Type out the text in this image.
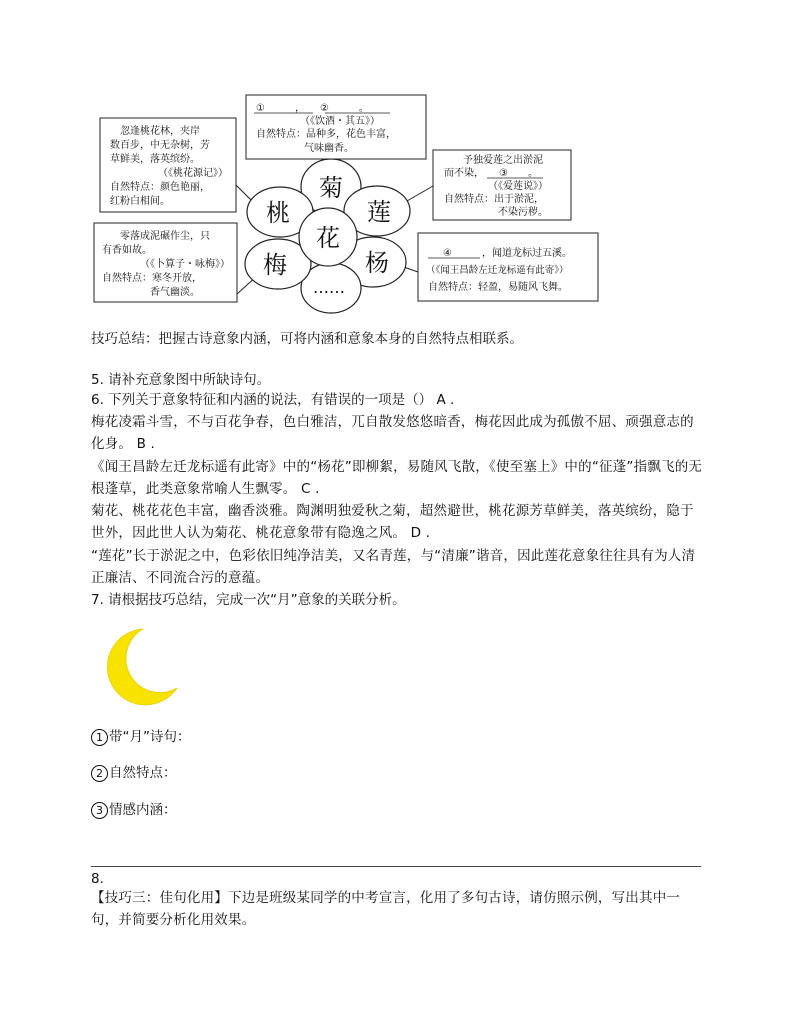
菊
莲
杨
……
梅
桃
花
①　　　，　　②　　　。
（《饮酒・其五》）
自然特点：品种多，花色丰富，
气味幽香。
忽逢桃花林，夹岸
数百步，中无杂树，芳
草鲜美，落英缤纷。
（《桃花源记》）
自然特点：颜色艳丽，
红粉白相间。
零落成泥碾作尘，只
有香如故。
（《卜算子・咏梅》）
自然特点：寒冬开放，
香气幽淡。
予独爱莲之出淤泥
而不染，　　③　　。
（《爱莲说》）
自然特点：出于淤泥，
不染污秽。
④　　　，闻道龙标过五溪。
（《闻王昌龄左迁龙标遥有此寄》）
自然特点：轻盈，易随风飞舞。
技巧总结：把握古诗意象内涵，可将内涵和意象本身的自然特点相联系。
5. 请补充意象图中所缺诗句。
6. 下列关于意象特征和内涵的说法，有错误的一项是（） A .

梅花凌霜斗雪，不与百花争春，色白雅洁，兀自散发悠悠暗香，梅花因此成为孤傲不屈、顽强意志的化身。 B .

《闻王昌龄左迁龙标遥有此寄》中的“杨花”即柳絮，易随风飞散，《使至塞上》中的“征蓬”指飘飞的无根蓬草，此类意象常喻人生飘零。 C .

菊花、桃花花色丰富，幽香淡雅。陶渊明独爱秋之菊，超然避世，桃花源芳草鲜美，落英缤纷，隐于世外，因此世人认为菊花、桃花意象带有隐逸之风。 D .

“莲花”长于淤泥之中，色彩依旧纯净洁美，又名青莲，与“清廉”谐音，因此莲花意象往往具有为人清正廉洁、不同流合污的意蕴。

7. 请根据技巧总结，完成一次“月”意象的关联分析。
1 带“月”诗句：
2 自然特点：
3 情感内涵：
8.

【技巧三：佳句化用】下边是班级某同学的中考宣言，化用了多句古诗，请仿照示例，写出其中一句，并简要分析化用效果。
